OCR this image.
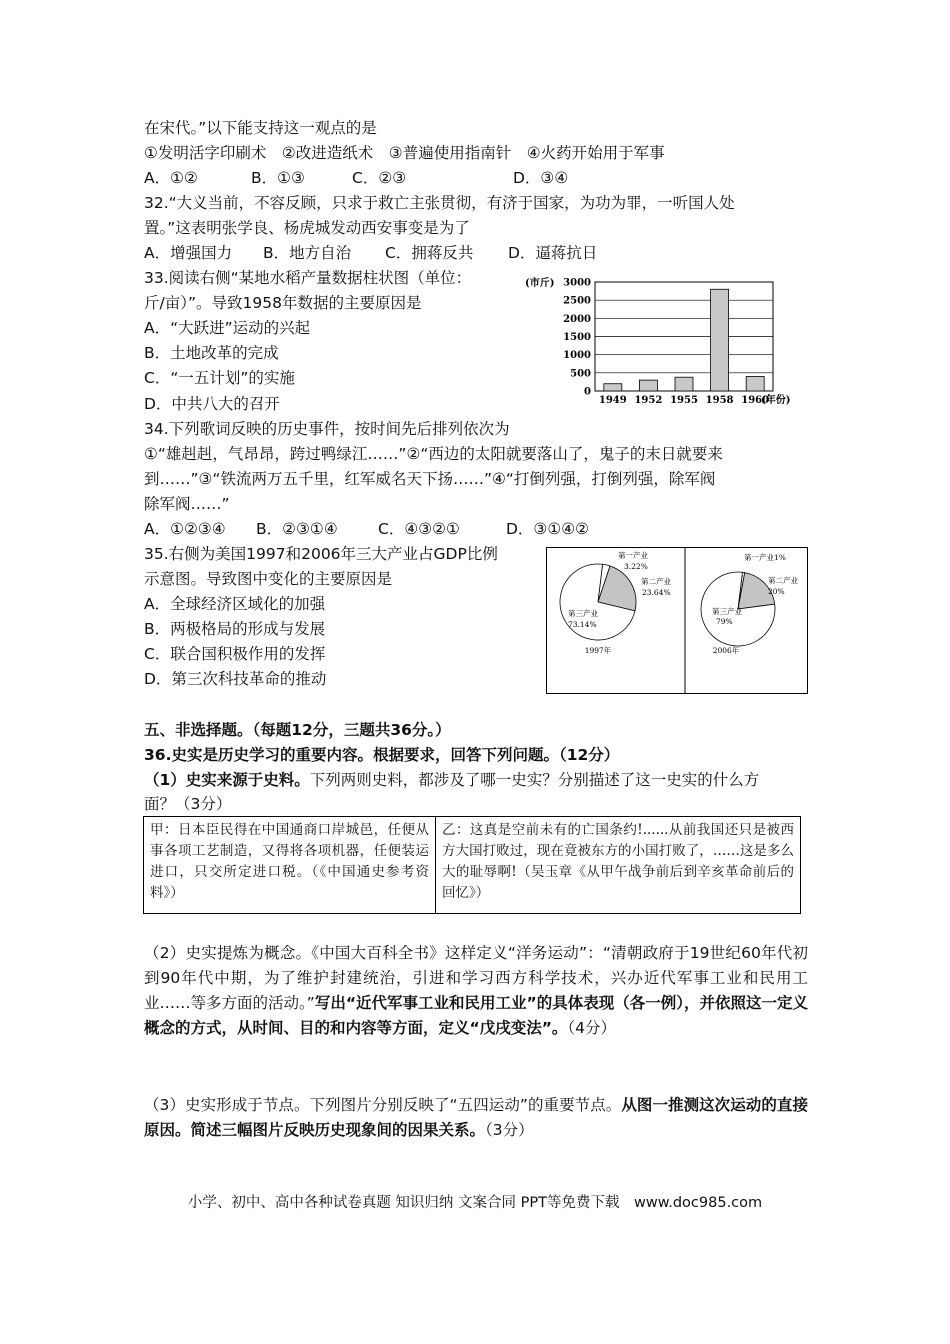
在宋代。”以下能支持这一观点的是
①发明活字印刷术　②改进造纸术　③普遍使用指南针　④火药开始用于军事
A．①②	B．①③	C．②③	D．③④
32.“大义当前，不容反顾，只求于救亡主张贯彻，有济于国家，为功为罪，一听国人处
置。”这表明张学良、杨虎城发动西安事变是为了
A．增强国力 B．地方自治 C．拥蒋反共 D．逼蒋抗日
33.阅读右侧“某地水稻产量数据柱状图（单位：
斤/亩）”。导致1958年数据的主要原因是
A．“大跃进”运动的兴起
B．土地改革的完成
C．“一五计划”的实施
D．中共八大的召开
(市斤)
(年份)
0
500
1000
1500
2000
2500
3000
1949 1952 1955 1958 1960
34.下列歌词反映的历史事件，按时间先后排列依次为
①“雄赳赳，气昂昂，跨过鸭绿江……”②“西边的太阳就要落山了，鬼子的末日就要来
到……”③“铁流两万五千里，红军威名天下扬……”④“打倒列强，打倒列强，除军阀
除军阀……”
A．①②③④ B．②③①④	C．④③②①	D．③①④②
35.右侧为美国1997和2006年三大产业占GDP比例
示意图。导致图中变化的主要原因是
A．全球经济区域化的加强
B．两极格局的形成与发展
C．联合国积极作用的发挥
D．第三次科技革命的推动
第一产业
3.22%
第二产业
23.64%
第三产业
73.14%
1997年
第一产业1%
第二产业
20%
第三产业
79%
2006年
五、非选择题。（每题12分，三题共36分。）
36.史实是历史学习的重要内容。根据要求，回答下列问题。（12分）
（1）史实来源于史料。下列两则史料，都涉及了哪一史实？分别描述了这一史实的什么方
面？（3分）
甲：日本臣民得在中国通商口岸城邑，任便从事各项工艺制造，又得将各项机器，任便装运进口，只交所定进口税。（《中国通史参考资料》）
乙：这真是空前未有的亡国条约!......从前我国还只是被西方大国打败过，现在竟被东方的小国打败了，……这是多么大的耻辱啊!（吴玉章《从甲午战争前后到辛亥革命前后的回忆》）
（2）史实提炼为概念。《中国大百科全书》这样定义“洋务运动”：“清朝政府于19世纪60年代初到90年代中期，为了维护封建统治，引进和学习西方科学技术，兴办近代军事工业和民用工业……等多方面的活动。”写出“近代军事工业和民用工业”的具体表现（各一例），并依照这一定义概念的方式，从时间、目的和内容等方面，定义“戊戌变法”。（4分）
（3）史实形成于节点。下列图片分别反映了“五四运动”的重要节点。从图一推测这次运动的直接原因。简述三幅图片反映历史现象间的因果关系。（3分）
小学、初中、高中各种试卷真题 知识归纳 文案合同 PPT等免费下载　www.doc985.com
